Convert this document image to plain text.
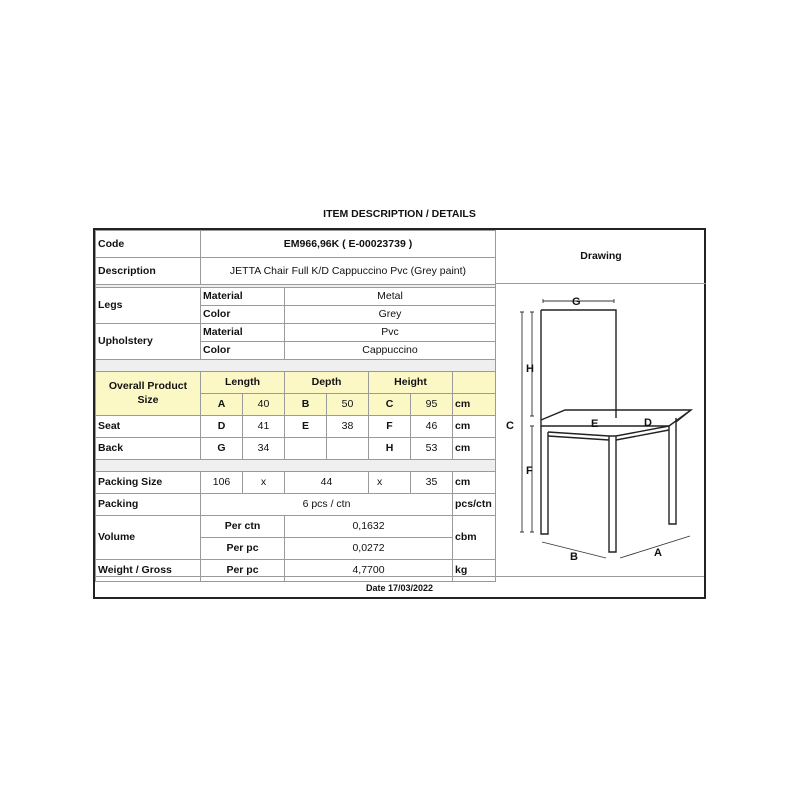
ITEM DESCRIPTION / DETAILS
Code	EM966,96K ( E-00023739 )						
Description	JETTA Chair Full K/D Cappuccino Pvc (Grey paint)						

Legs	Material		Metal				
	Color		Grey				
Upholstery	Material		Pvc				
	Color		Cappuccino				

Overall Product Size	Length		Depth		Height		
	A	40	B	50	C	95	cm
Seat	D	41	E	38	F	46	cm
Back	G	34			H	53	cm

Packing Size	106	x	44		x	35	cm
Packing	6 pcs / ctn						pcs/ctn
Volume	Per ctn		0,1632				cbm
	Per pc		0,0272				
Weight / Gross	Per pc		4,7700				kg
Drawing
G
H
C
F
E	D
B	A
Date 17/03/2022
